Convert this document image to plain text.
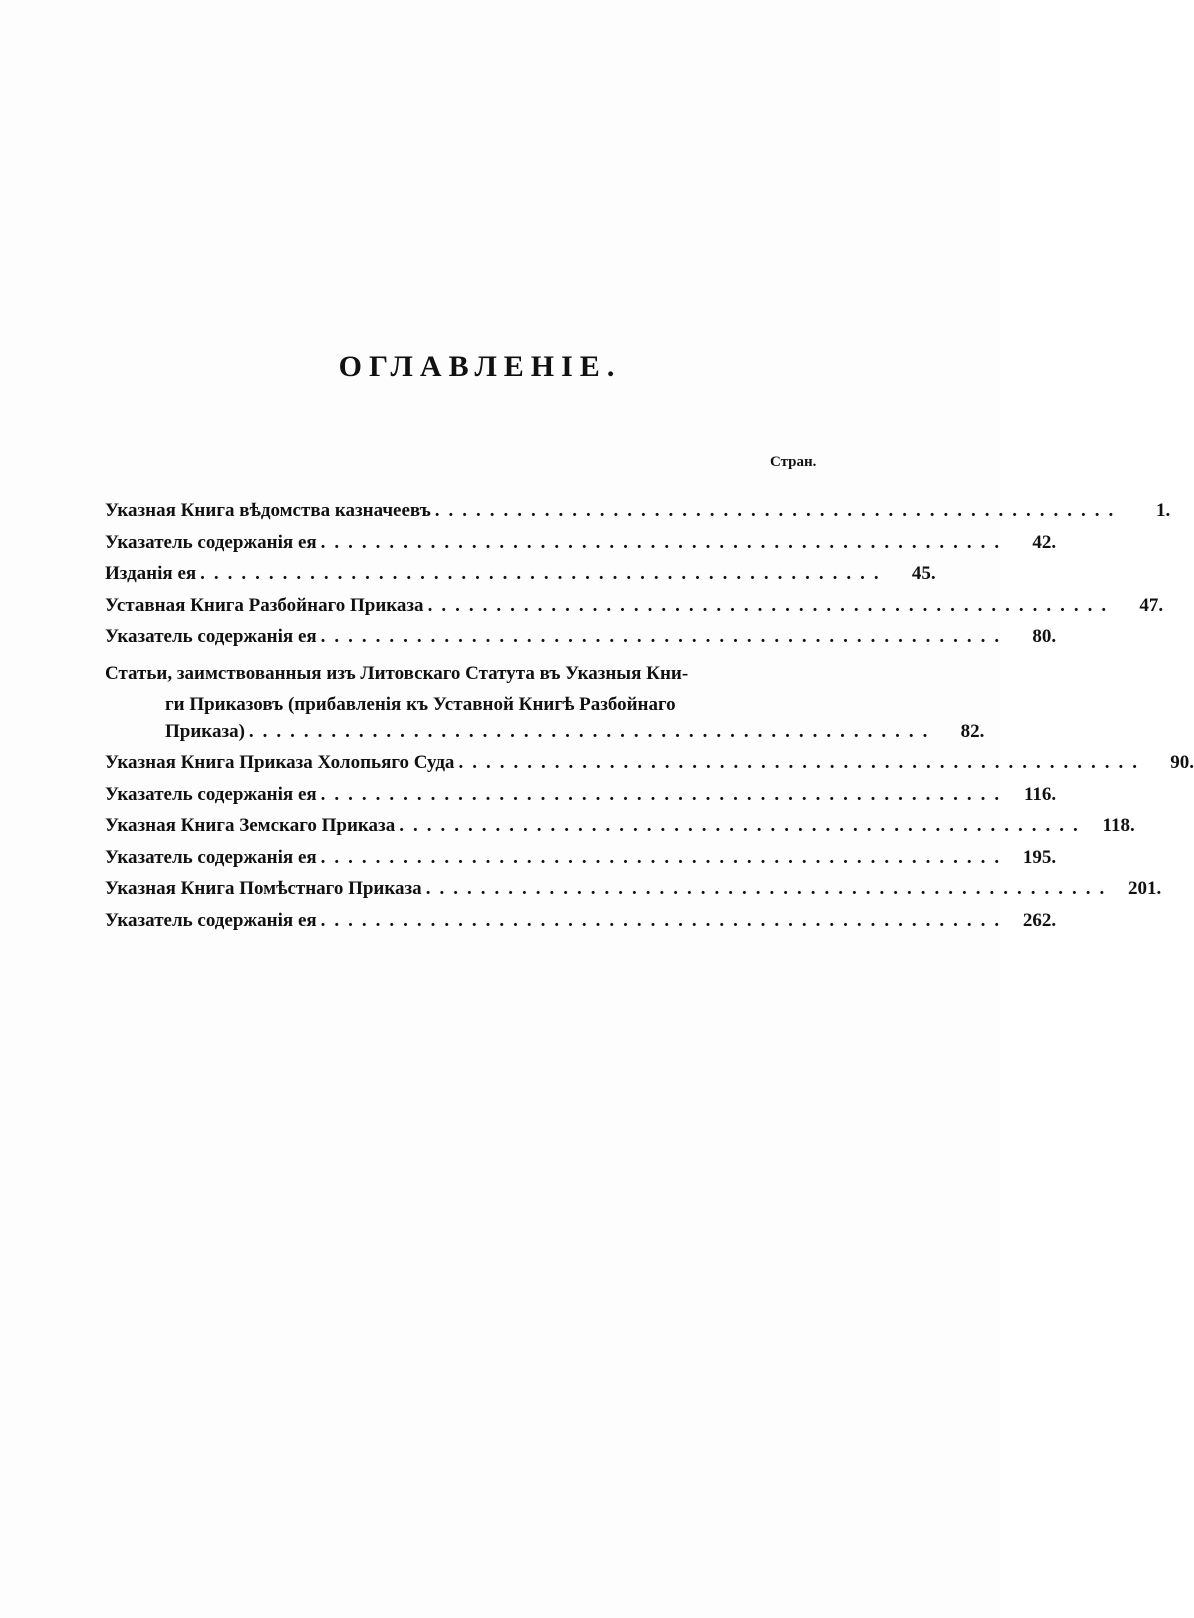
ОГЛАВЛЕНІЕ.
Стран.
Указная Книга вѣдомства казначеевъ ..................................................	1.
Указатель содержанія ея ..................................................	42.
Изданія ея ..................................................	45.
Уставная Книга Разбойнаго Приказа ..................................................	47.
Указатель содержанія ея ..................................................	80.
Статьи, заимствованныя изъ Литовскаго Статута въ Указныя Кни-
ги Приказовъ (прибавленія къ Уставной Книгѣ Разбойнаго
Приказа) ..................................................	82.
Указная Книга Приказа Холопьяго Суда ..................................................	90.
Указатель содержанія ея .................................................. 116.
Указная Книга Земскаго Приказа .................................................. 118.
Указатель содержанія ея .................................................. 195.
Указная Книга Помѣстнаго Приказа .................................................. 201.
Указатель содержанія ея .................................................. 262.
